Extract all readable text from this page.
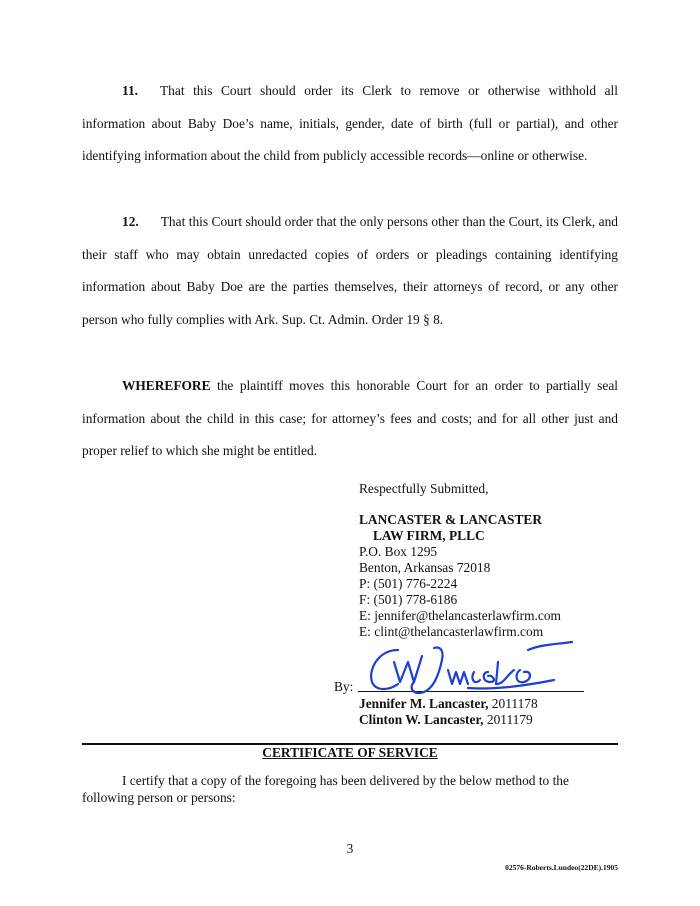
11. That this Court should order its Clerk to remove or otherwise withhold all information about Baby Doe’s name, initials, gender, date of birth (full or partial), and other identifying information about the child from publicly accessible records—online or otherwise.

12. That this Court should order that the only persons other than the Court, its Clerk, and their staff who may obtain unredacted copies of orders or pleadings containing identifying information about Baby Doe are the parties themselves, their attorneys of record, or any other person who fully complies with Ark. Sup. Ct. Admin. Order 19 § 8.

WHEREFORE the plaintiff moves this honorable Court for an order to partially seal information about the child in this case; for attorney’s fees and costs; and for all other just and proper relief to which she might be entitled.

Respectfully Submitted,
LANCASTER & LANCASTER
LAW FIRM, PLLC
P.O. Box 1295
Benton, Arkansas 72018
P: (501) 776-2224
F: (501) 778-6186
E: jennifer@thelancasterlawfirm.com
E: clint@thelancasterlawfirm.com
By:
Jennifer M. Lancaster, 2011178
Clinton W. Lancaster, 2011179
CERTIFICATE OF SERVICE

I certify that a copy of the foregoing has been delivered by the below method to the following person or persons:

3
02576-Roberts.Lundeo(22DE).1905
